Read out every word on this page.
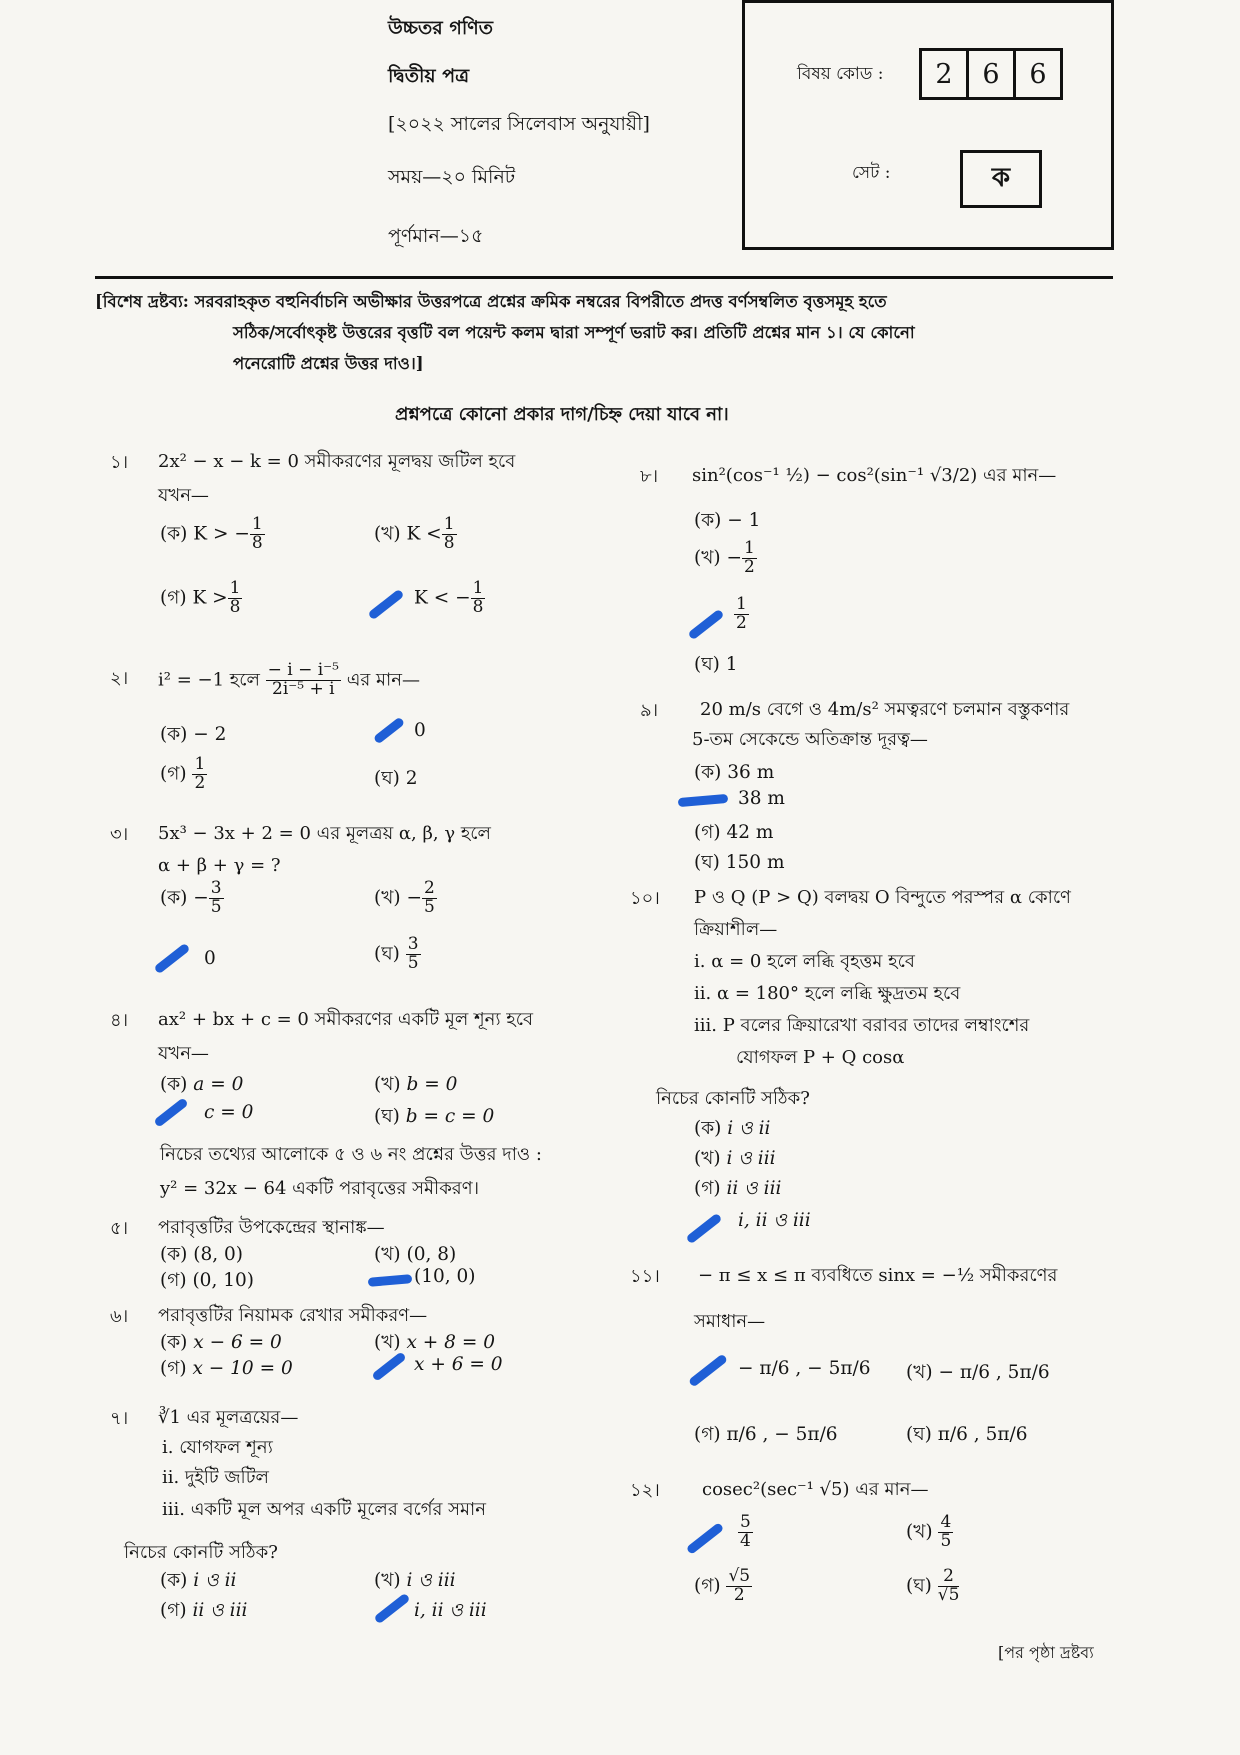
উচ্চতর গণিত
দ্বিতীয় পত্র
[২০২২ সালের সিলেবাস অনুযায়ী]
সময়—২০ মিনিট
পূর্ণমান—১৫
বিষয় কোড :	2	6	6
সেট :	ক
[বিশেষ দ্রষ্টব্য: সরবরাহকৃত বহুনির্বাচনি অভীক্ষার উত্তরপত্রে প্রশ্নের ক্রমিক নম্বরের বিপরীতে প্রদত্ত বর্ণসম্বলিত বৃত্তসমূহ হতে
সঠিক/সর্বোৎকৃষ্ট উত্তরের বৃত্তটি বল পয়েন্ট কলম দ্বারা সম্পূর্ণ ভরাট কর। প্রতিটি প্রশ্নের মান ১। যে কোনো
পনেরোটি প্রশ্নের উত্তর দাও।]
প্রশ্নপত্রে কোনো প্রকার দাগ/চিহ্ন দেয়া যাবে না।
১।	2x² − x − k = 0 সমীকরণের মূলদ্বয় জটিল হবে
যখন—
(ক) K > − $\frac{1}{8}$	(খ) $K < \frac{1}{8}$
(গ) $K > \frac{1}{8}$	K < − $\frac{1}{8}$
২।	i² = −1 হলে $\frac{\text{− i − i⁻⁵}}{\text{2i⁻⁵ + i}}$ এর মান—
(ক) − 2	0
(গ) $\frac{1}{2}$	(ঘ) 2
৩।	5x³ − 3x + 2 = 0 এর মূলত্রয় α, β, γ হলে
α + β + γ = ?
(ক) − $\frac{3}{5}$	(খ) − $\frac{2}{5}$
0	(ঘ) $\frac{3}{5}$
৪।	ax² + bx + c = 0 সমীকরণের একটি মূল শূন্য হবে
যখন—
(ক) a = 0	(খ) b = 0
c = 0	(ঘ) b = c = 0
নিচের তথ্যের আলোকে ৫ ও ৬ নং প্রশ্নের উত্তর দাও :
y² = 32x − 64 একটি পরাবৃত্তের সমীকরণ।
৫।	পরাবৃত্তটির উপকেন্দ্রের স্থানাঙ্ক—
(ক) (8, 0)	(খ) (0, 8)
(গ) (0, 10)	(10, 0)
৬।	পরাবৃত্তটির নিয়ামক রেখার সমীকরণ—
(ক) x − 6 = 0	(খ) x + 8 = 0
(গ) x − 10 = 0	x + 6 = 0
৭।	∛1 এর মূলত্রয়ের—
i. যোগফল শূন্য
ii. দুইটি জটিল
iii. একটি মূল অপর একটি মূলের বর্গের সমান
নিচের কোনটি সঠিক?
(ক) i ও ii	(খ) i ও iii
(গ) ii ও iii	i, ii ও iii
৮।	sin²(cos⁻¹ ½) − cos²(sin⁻¹ √3/2) এর মান—
(ক) − 1
(খ) − $\frac{1}{2}$
$\frac{1}{2}$
(ঘ) 1
৯।	20 m/s বেগে ও 4m/s² সমত্বরণে চলমান বস্তুকণার
5-তম সেকেন্ডে অতিক্রান্ত দূরত্ব—
(ক) 36 m
38 m
(গ) 42 m
(ঘ) 150 m
১০।	P ও Q (P > Q) বলদ্বয় O বিন্দুতে পরস্পর α কোণে
ক্রিয়াশীল—
i. α = 0 হলে লব্ধি বৃহত্তম হবে
ii. α = 180° হলে লব্ধি ক্ষুদ্রতম হবে
iii. P বলের ক্রিয়ারেখা বরাবর তাদের লম্বাংশের
যোগফল P + Q cosα
নিচের কোনটি সঠিক?
(ক) i ও ii
(খ) i ও iii
(গ) ii ও iii
i, ii ও iii
১১।	− π ≤ x ≤ π ব্যবধিতে sinx = −½ সমীকরণের
সমাধান—
− π/6 , − 5π/6 (খ) − π/6 , 5π/6
(গ) π/6 , − 5π/6	(ঘ) π/6 , 5π/6
১২।	cosec²(sec⁻¹ √5) এর মান—
$\frac{5}{4}$	(খ) $\frac{4}{5}$
(গ) $\frac{√5}{2}$	(ঘ) $\frac{2}{√5}$
[পর পৃষ্ঠা দ্রষ্টব্য
